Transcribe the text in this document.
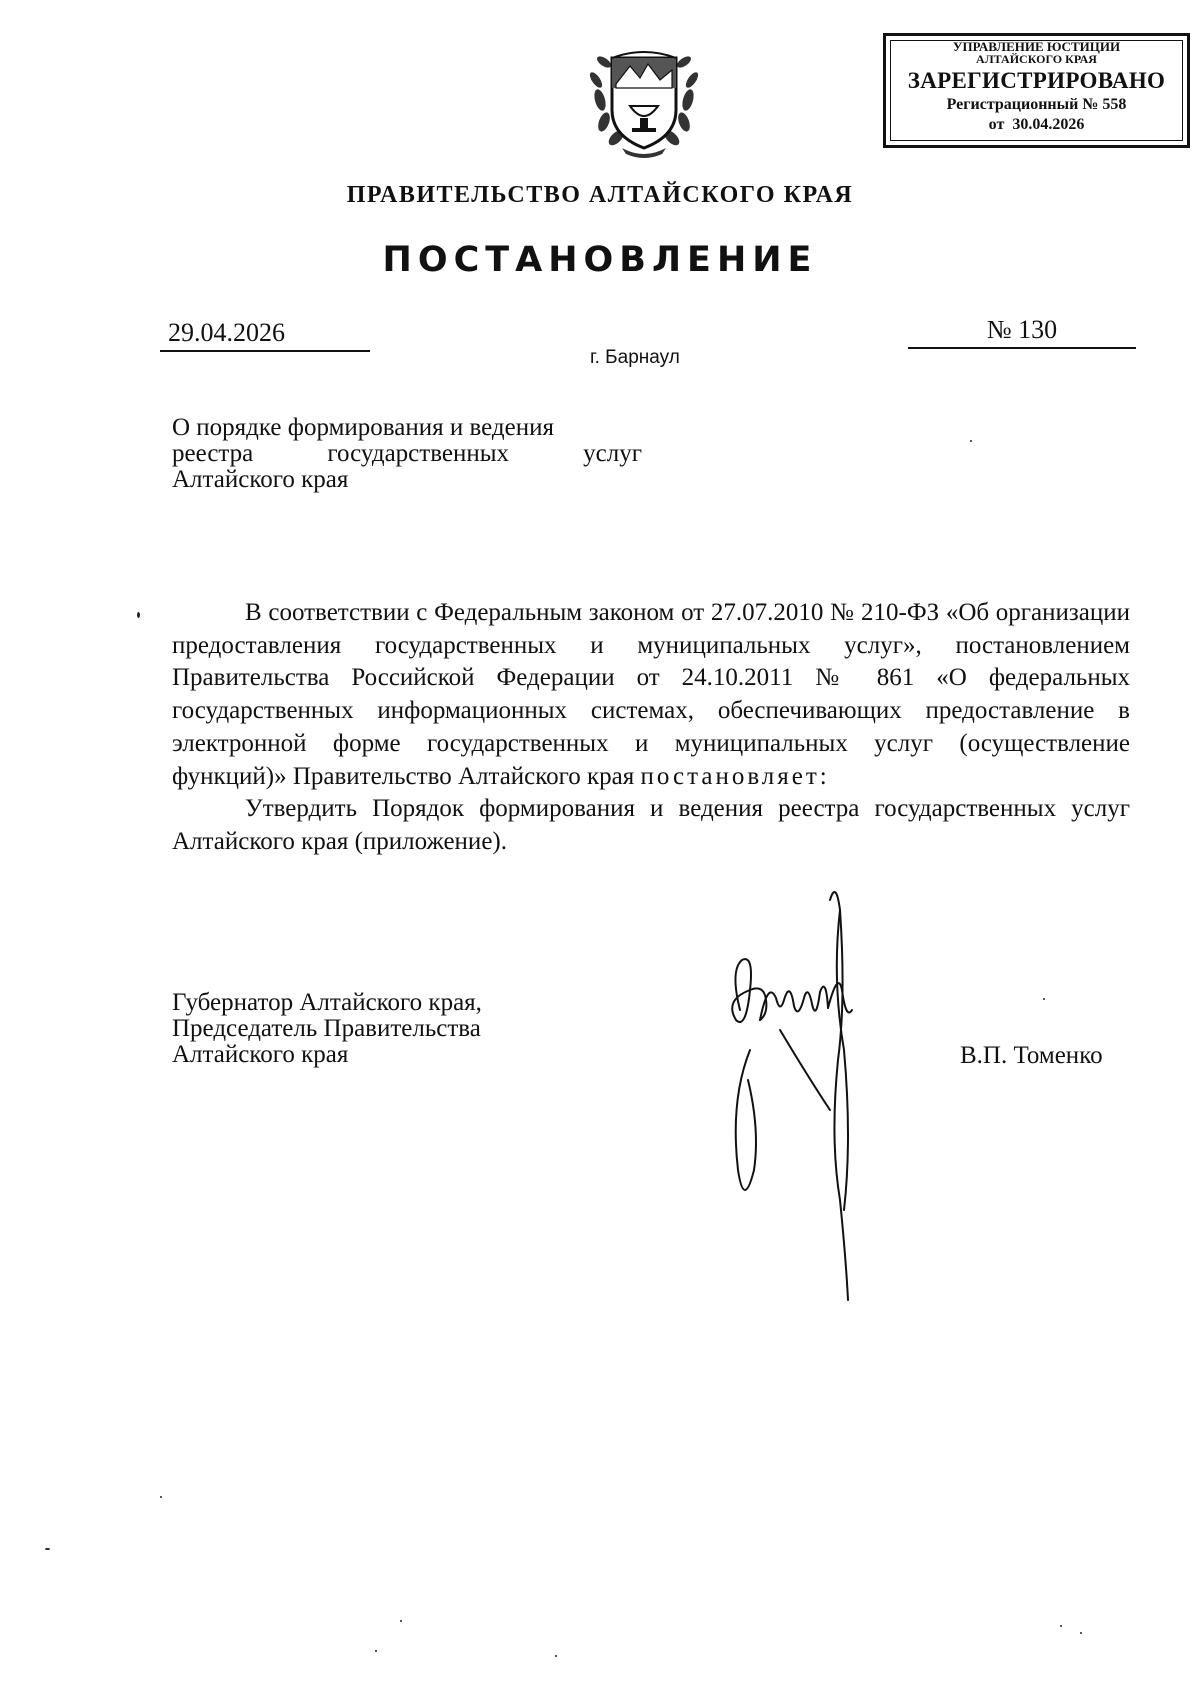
УПРАВЛЕНИЕ ЮСТИЦИИ
АЛТАЙСКОГО КРАЯ
ЗАРЕГИСТРИРОВАНО
Регистрационный № 558
от  30.04.2026
ПРАВИТЕЛЬСТВО АЛТАЙСКОГО КРАЯ
ПОСТАНОВЛЕНИЕ
29.04.2026	№ 130
г. Барнаул
О порядке формирования и ведения
реестра	государственных	услуг
Алтайского края

В соответствии с Федеральным законом от 27.07.2010 № 210-ФЗ «Об организации предоставления государственных и муниципальных услуг», постановлением Правительства Российской Федерации от 24.10.2011 № 861 «О федеральных государственных информационных системах, обеспечивающих предоставление в электронной форме государственных и муниципальных услуг (осуществление функций)» Правительство Алтайского края постановляет:

Утвердить Порядок формирования и ведения реестра государственных услуг Алтайского края (приложение).

Губернатор Алтайского края,
Председатель Правительства
Алтайского края	В.П. Томенко
